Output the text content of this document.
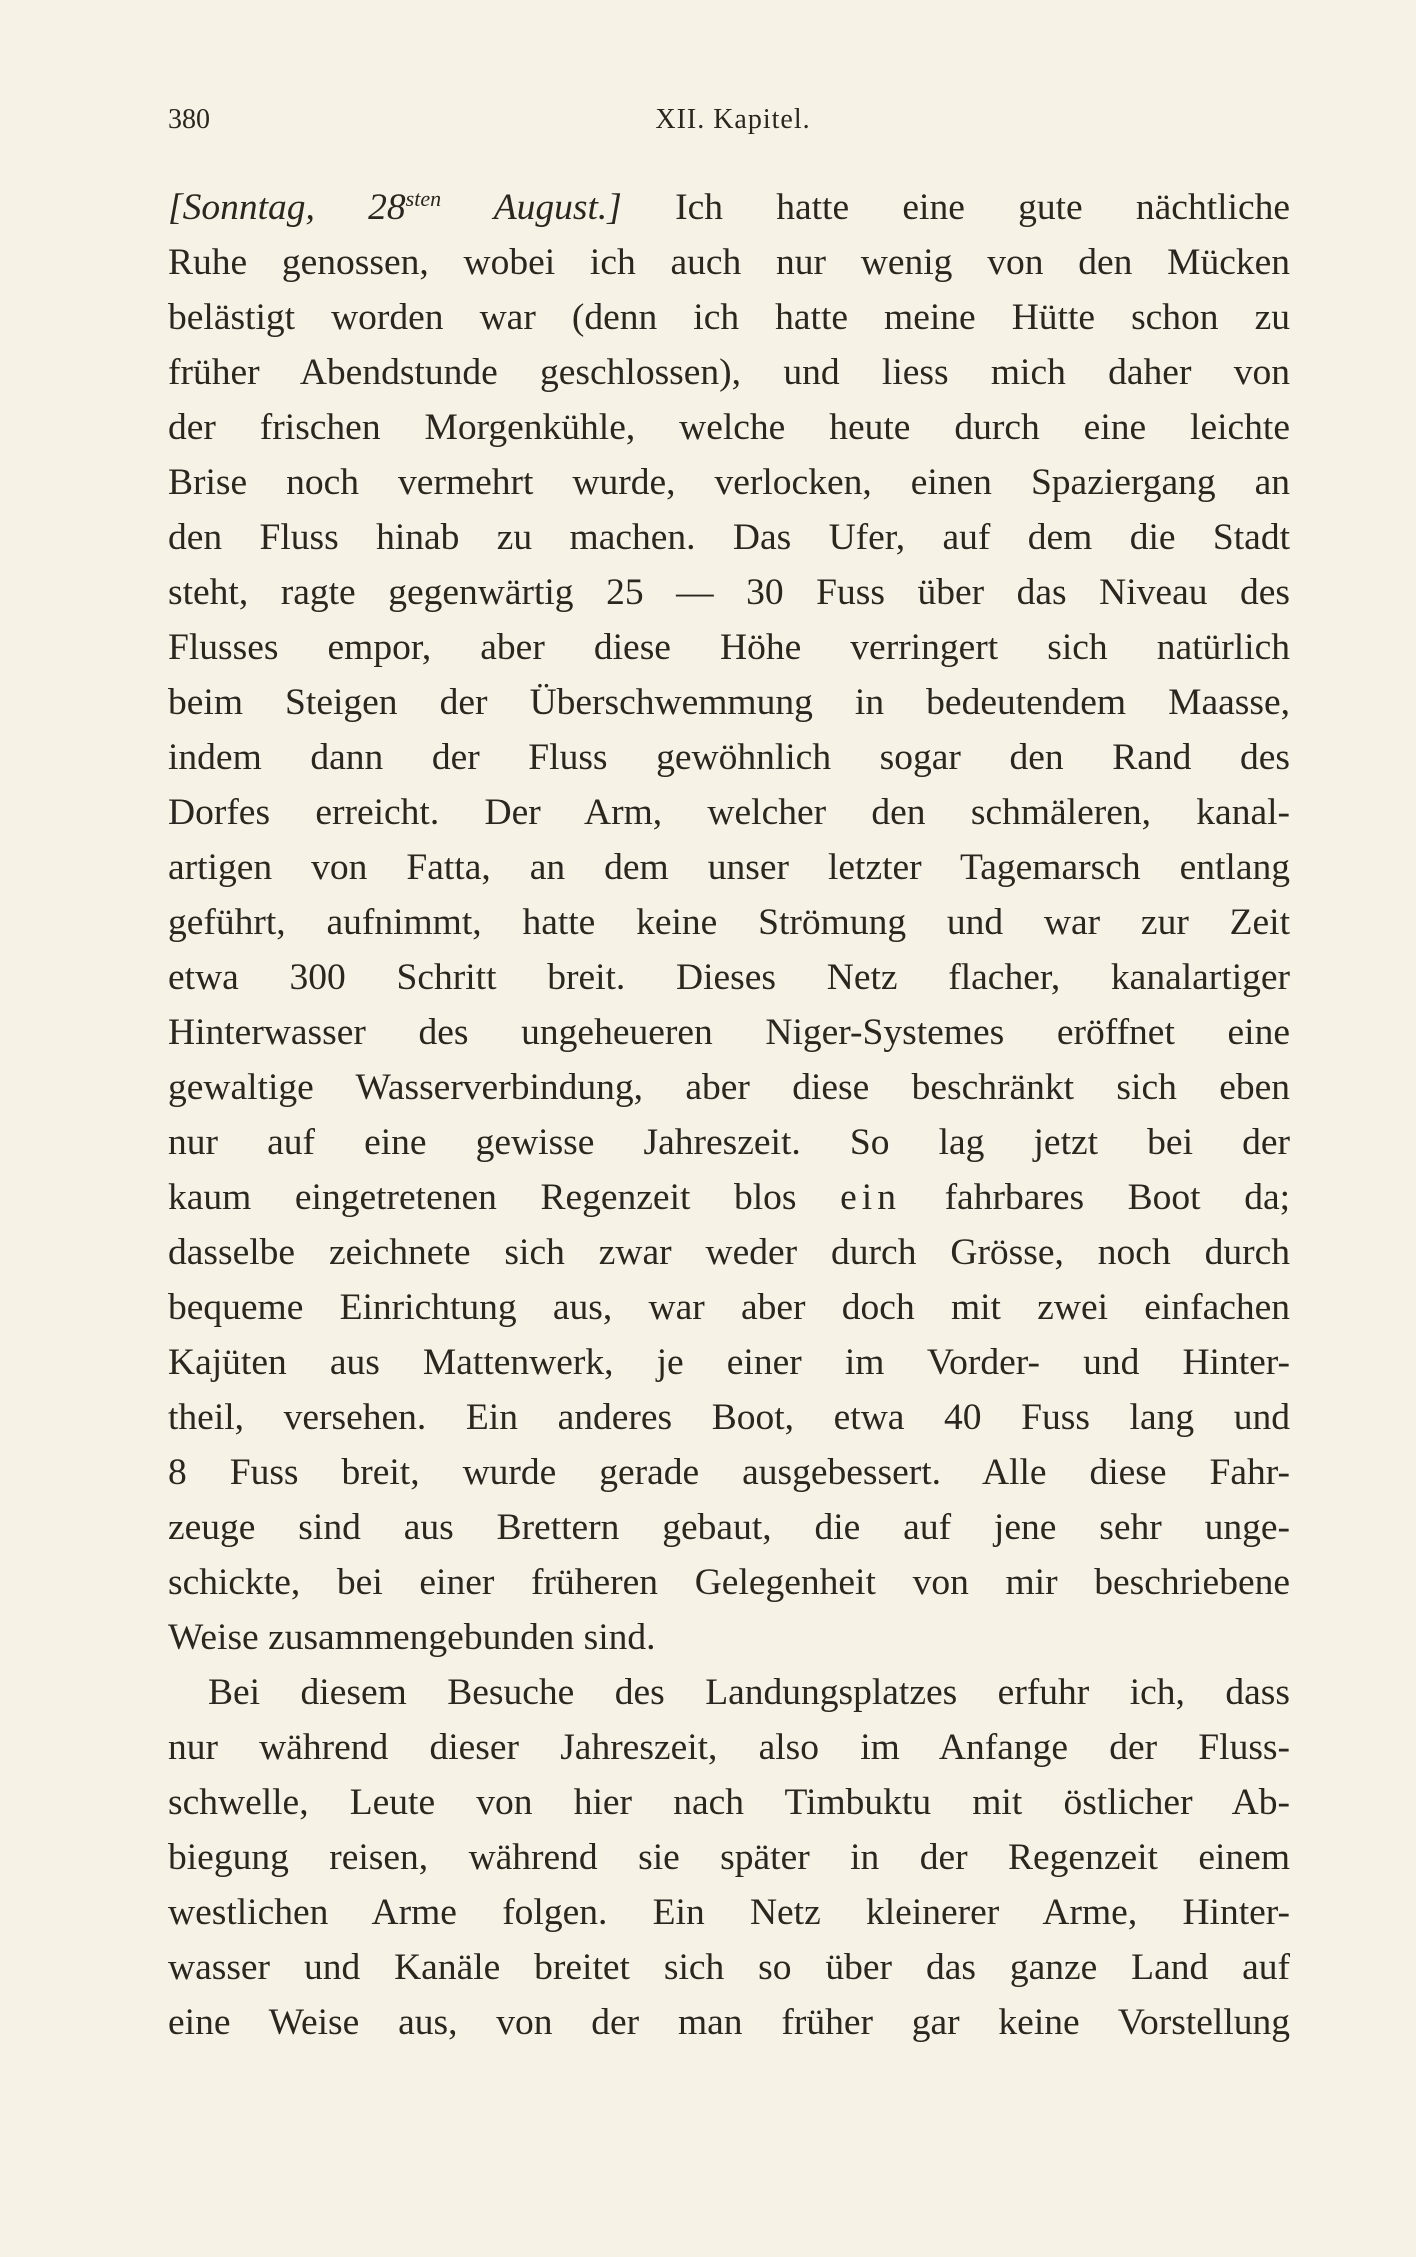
380	XII. Kapitel.
[Sonntag, $28^{sten}$ August.] Ich hatte eine gute nächtliche
Ruhe genossen, wobei ich auch nur wenig von den Mücken
belästigt worden war (denn ich hatte meine Hütte schon zu
früher Abendstunde geschlossen), und liess mich daher von
der frischen Morgenkühle, welche heute durch eine leichte
Brise noch vermehrt wurde, verlocken, einen Spaziergang an
den Fluss hinab zu machen. Das Ufer, auf dem die Stadt
steht, ragte gegenwärtig 25 — 30 Fuss über das Niveau des
Flusses empor, aber diese Höhe verringert sich natürlich
beim Steigen der Überschwemmung in bedeutendem Maasse,
indem dann der Fluss gewöhnlich sogar den Rand des
Dorfes erreicht. Der Arm, welcher den schmäleren, kanal-
artigen von Fatta, an dem unser letzter Tagemarsch entlang
geführt, aufnimmt, hatte keine Strömung und war zur Zeit
etwa 300 Schritt breit. Dieses Netz flacher, kanalartiger
Hinterwasser des ungeheueren Niger-Systemes eröffnet eine
gewaltige Wasserverbindung, aber diese beschränkt sich eben
nur auf eine gewisse Jahreszeit. So lag jetzt bei der
kaum eingetretenen Regenzeit blos ein fahrbares Boot da;
dasselbe zeichnete sich zwar weder durch Grösse, noch durch
bequeme Einrichtung aus, war aber doch mit zwei einfachen
Kajüten aus Mattenwerk, je einer im Vorder- und Hinter-
theil, versehen. Ein anderes Boot, etwa 40 Fuss lang und
8 Fuss breit, wurde gerade ausgebessert. Alle diese Fahr-
zeuge sind aus Brettern gebaut, die auf jene sehr unge-
schickte, bei einer früheren Gelegenheit von mir beschriebene
Weise zusammengebunden sind.
Bei diesem Besuche des Landungsplatzes erfuhr ich, dass
nur während dieser Jahreszeit, also im Anfange der Fluss-
schwelle, Leute von hier nach Timbuktu mit östlicher Ab-
biegung reisen, während sie später in der Regenzeit einem
westlichen Arme folgen. Ein Netz kleinerer Arme, Hinter-
wasser und Kanäle breitet sich so über das ganze Land auf
eine Weise aus, von der man früher gar keine Vorstellung
